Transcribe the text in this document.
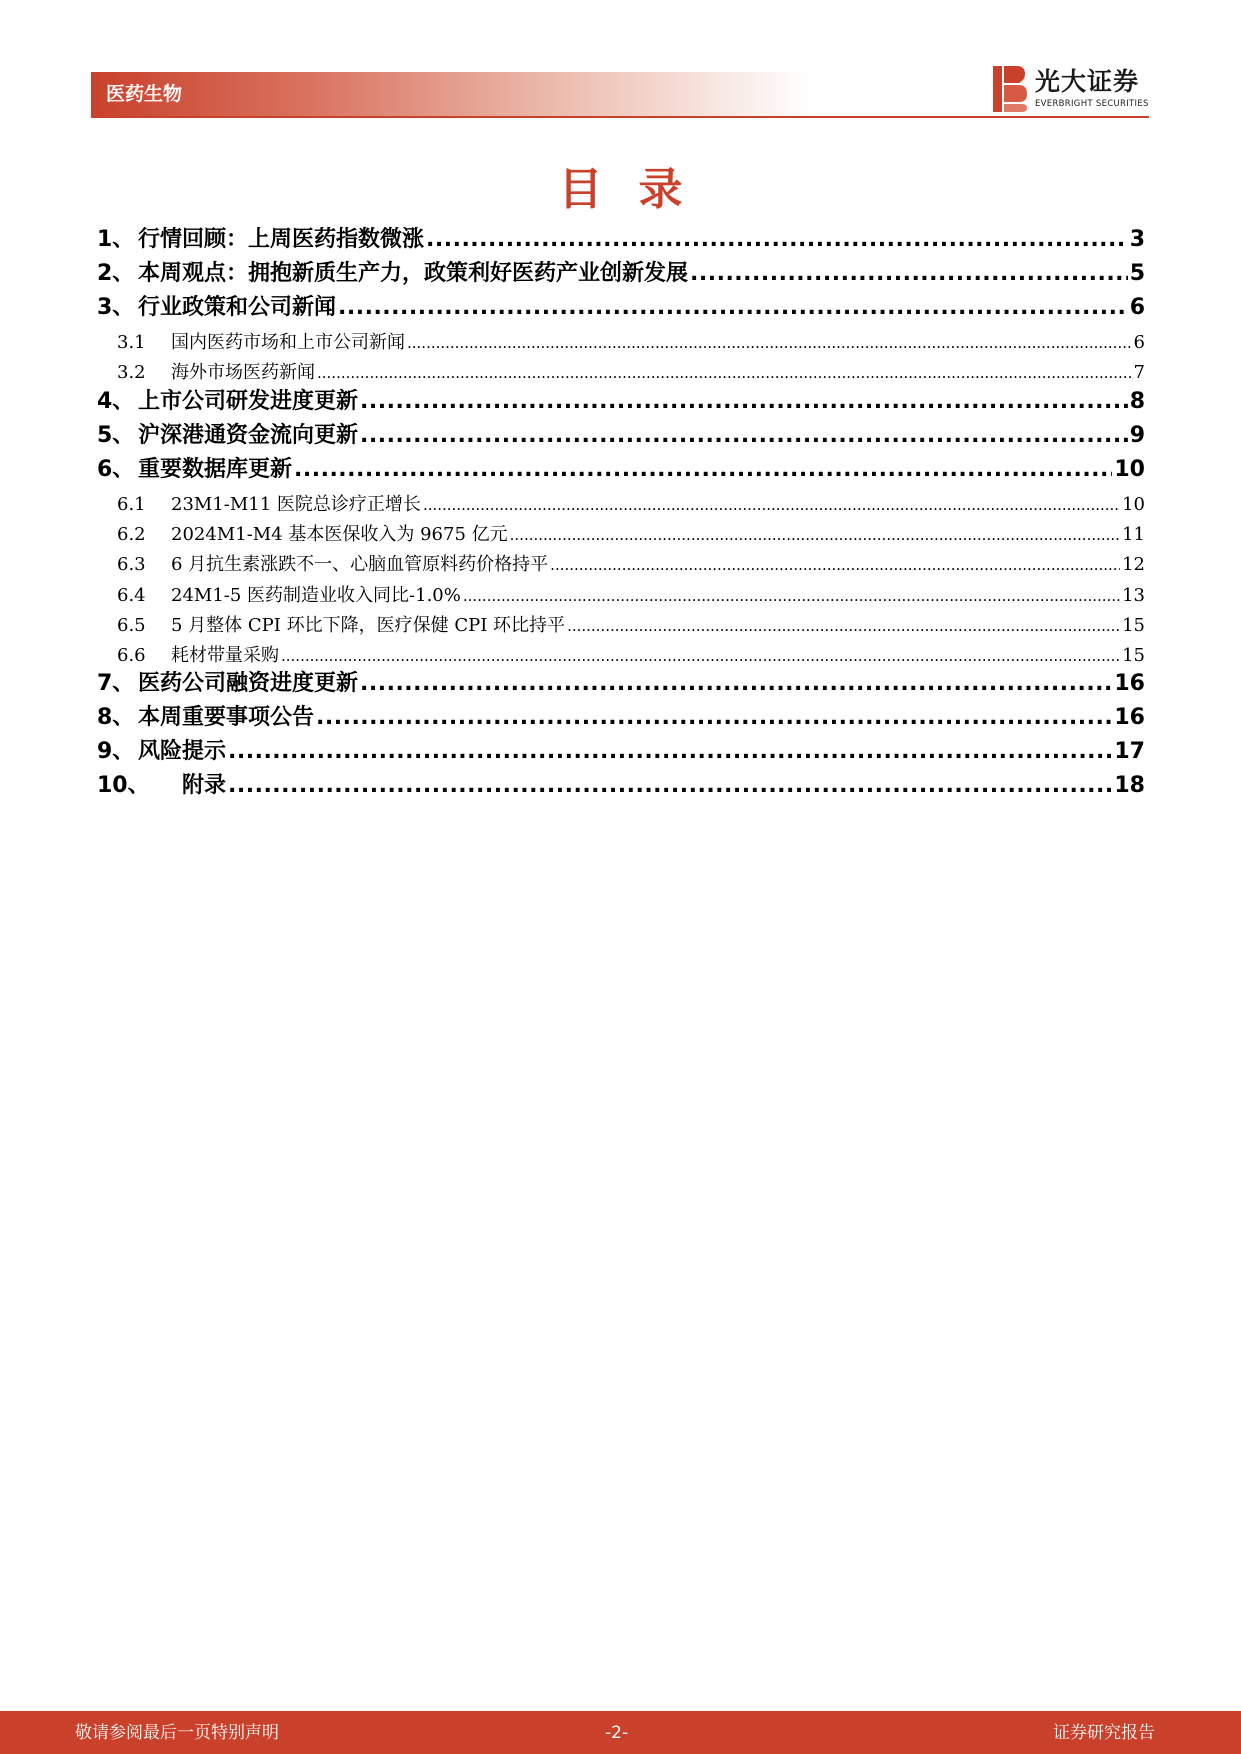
医药生物	光大证券
EVERBRIGHT SECURITIES
目录
1、 行情回顾：上周医药指数微涨 .....	3
2、 本周观点：拥抱新质生产力，政策利好医药产业创新发展 .....	5
3、 行业政策和公司新闻 .....	6
3.1	国内医药市场和上市公司新闻 .....	6
3.2	海外市场医药新闻 .....	7
4、 上市公司研发进度更新 .....	8
5、 沪深港通资金流向更新 .....	9
6、 重要数据库更新 .....	10
6.1	23M1-M11 医院总诊疗正增长 .....	10
6.2	2024M1-M4 基本医保收入为 9675 亿元 .....	11
6.3	6 月抗生素涨跌不一、心脑血管原料药价格持平 .....	12
6.4	24M1-5 医药制造业收入同比-1.0% .....	13
6.5	5 月整体 CPI 环比下降，医疗保健 CPI 环比持平 .....	15
6.6	耗材带量采购 .....	15
7、 医药公司融资进度更新 .....	16
8、 本周重要事项公告 .....	16
9、 风险提示 .....	17
10、	附录 .....	18
敬请参阅最后一页特别声明	-2-	证券研究报告
